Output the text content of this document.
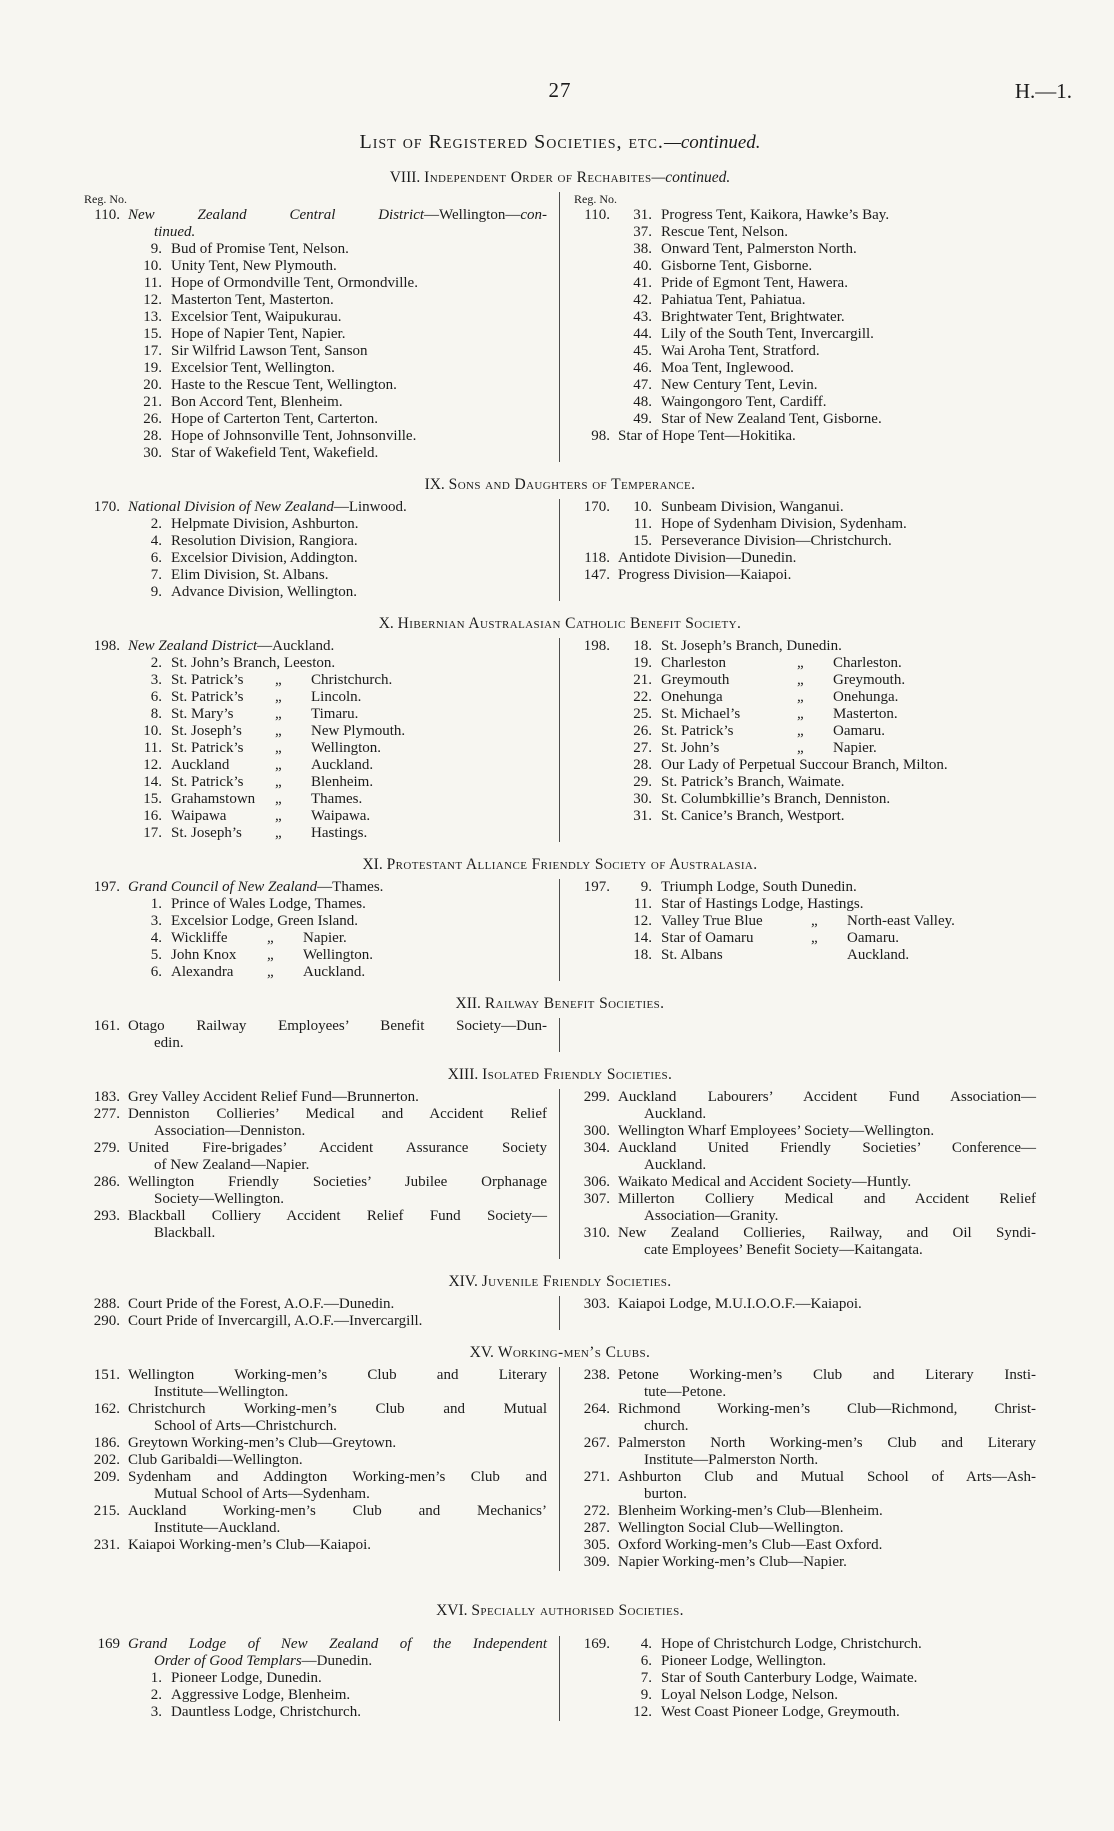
27	H.—1.
List of Registered Societies, etc.—continued.
VIII. Independent Order of Rechabites—continued.
Reg. No.
110. New Zealand Central District—Wellington—con-
tinued.
9. Bud of Promise Tent, Nelson.
10. Unity Tent, New Plymouth.
11. Hope of Ormondville Tent, Ormondville.
12. Masterton Tent, Masterton.
13. Excelsior Tent, Waipukurau.
15. Hope of Napier Tent, Napier.
17. Sir Wilfrid Lawson Tent, Sanson
19. Excelsior Tent, Wellington.
20. Haste to the Rescue Tent, Wellington.
21. Bon Accord Tent, Blenheim.
26. Hope of Carterton Tent, Carterton.
28. Hope of Johnsonville Tent, Johnsonville.
30. Star of Wakefield Tent, Wakefield.
Reg. No.
110.	31. Progress Tent, Kaikora, Hawke’s Bay.
37. Rescue Tent, Nelson.
38. Onward Tent, Palmerston North.
40. Gisborne Tent, Gisborne.
41. Pride of Egmont Tent, Hawera.
42. Pahiatua Tent, Pahiatua.
43. Brightwater Tent, Brightwater.
44. Lily of the South Tent, Invercargill.
45. Wai Aroha Tent, Stratford.
46. Moa Tent, Inglewood.
47. New Century Tent, Levin.
48. Waingongoro Tent, Cardiff.
49. Star of New Zealand Tent, Gisborne.
98. Star of Hope Tent—Hokitika.
IX. Sons and Daughters of Temperance.
170. National Division of New Zealand—Linwood.
2. Helpmate Division, Ashburton.
4. Resolution Division, Rangiora.
6. Excelsior Division, Addington.
7. Elim Division, St. Albans.
9. Advance Division, Wellington.
170.	10. Sunbeam Division, Wanganui.
11. Hope of Sydenham Division, Sydenham.
15. Perseverance Division—Christchurch.
118. Antidote Division—Dunedin.
147. Progress Division—Kaiapoi.
X. Hibernian Australasian Catholic Benefit Society.
198. New Zealand District—Auckland.
2. St. John’s Branch, Leeston.
3. St. Patrick’s	„	Christchurch.
6. St. Patrick’s	„	Lincoln.
8. St. Mary’s	„	Timaru.
10. St. Joseph’s	„	New Plymouth.
11. St. Patrick’s	„	Wellington.
12. Auckland	„	Auckland.
14. St. Patrick’s	„	Blenheim.
15. Grahamstown	„	Thames.
16. Waipawa	„	Waipawa.
17. St. Joseph’s	„	Hastings.
198.	18. St. Joseph’s Branch, Dunedin.
19. Charleston	„	Charleston.
21. Greymouth	„	Greymouth.
22. Onehunga	„	Onehunga.
25. St. Michael’s	„	Masterton.
26. St. Patrick’s	„	Oamaru.
27. St. John’s	„	Napier.
28. Our Lady of Perpetual Succour Branch, Milton.
29. St. Patrick’s Branch, Waimate.
30. St. Columbkillie’s Branch, Denniston.
31. St. Canice’s Branch, Westport.
XI. Protestant Alliance Friendly Society of Australasia.
197. Grand Council of New Zealand—Thames.
1. Prince of Wales Lodge, Thames.
3. Excelsior Lodge, Green Island.
4. Wickliffe	„	Napier.
5. John Knox	„	Wellington.
6. Alexandra	„	Auckland.
197.	9. Triumph Lodge, South Dunedin.
11. Star of Hastings Lodge, Hastings.
12. Valley True Blue	„	North-east Valley.
14. Star of Oamaru	„	Oamaru.
18. St. Albans	Auckland.
XII. Railway Benefit Societies.
161. Otago Railway Employees’ Benefit Society—Dun-
edin.
XIII. Isolated Friendly Societies.
183. Grey Valley Accident Relief Fund—Brunnerton.
277. Denniston Collieries’ Medical and Accident Relief
Association—Denniston.
279. United Fire-brigades’ Accident Assurance Society
of New Zealand—Napier.
286. Wellington Friendly Societies’ Jubilee Orphanage
Society—Wellington.
293. Blackball Colliery Accident Relief Fund Society—
Blackball.
299. Auckland Labourers’ Accident Fund Association—
Auckland.
300. Wellington Wharf Employees’ Society—Wellington.
304. Auckland United Friendly Societies’ Conference—
Auckland.
306. Waikato Medical and Accident Society—Huntly.
307. Millerton Colliery Medical and Accident Relief
Association—Granity.
310. New Zealand Collieries, Railway, and Oil Syndi-
cate Employees’ Benefit Society—Kaitangata.
XIV. Juvenile Friendly Societies.
288. Court Pride of the Forest, A.O.F.—Dunedin.
290. Court Pride of Invercargill, A.O.F.—Invercargill.
303. Kaiapoi Lodge, M.U.I.O.O.F.—Kaiapoi.
XV. Working-men’s Clubs.
151. Wellington Working-men’s Club and Literary
Institute—Wellington.
162. Christchurch Working-men’s Club and Mutual
School of Arts—Christchurch.
186. Greytown Working-men’s Club—Greytown.
202. Club Garibaldi—Wellington.
209. Sydenham and Addington Working-men’s Club and
Mutual School of Arts—Sydenham.
215. Auckland Working-men’s Club and Mechanics’
Institute—Auckland.
231. Kaiapoi Working-men’s Club—Kaiapoi.
238. Petone Working-men’s Club and Literary Insti-
tute—Petone.
264. Richmond Working-men’s Club—Richmond, Christ-
church.
267. Palmerston North Working-men’s Club and Literary
Institute—Palmerston North.
271. Ashburton Club and Mutual School of Arts—Ash-
burton.
272. Blenheim Working-men’s Club—Blenheim.
287. Wellington Social Club—Wellington.
305. Oxford Working-men’s Club—East Oxford.
309. Napier Working-men’s Club—Napier.
XVI. Specially authorised Societies.
169 Grand Lodge of New Zealand of the Independent
Order of Good Templars—Dunedin.
1. Pioneer Lodge, Dunedin.
2. Aggressive Lodge, Blenheim.
3. Dauntless Lodge, Christchurch.
169.	4. Hope of Christchurch Lodge, Christchurch.
6. Pioneer Lodge, Wellington.
7. Star of South Canterbury Lodge, Waimate.
9. Loyal Nelson Lodge, Nelson.
12. West Coast Pioneer Lodge, Greymouth.
